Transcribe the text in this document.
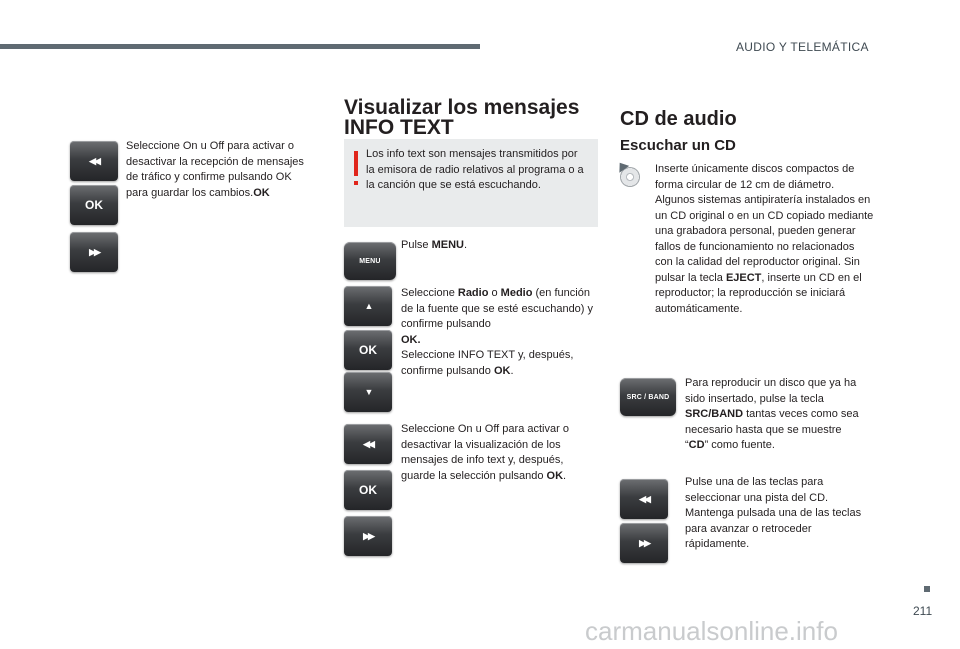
AUDIO Y TELEMÁTICA
◀◀
OK
▶▶
Seleccione On u Off para activar o desactivar la recepción de mensajes de tráfico y confirme pulsando OK para guardar los cambios.OK
Visualizar los mensajes
INFO TEXT
Los info text son mensajes transmitidos por la emisora de radio relativos al programa o a la canción que se está escuchando.
MENU
Pulse MENU.
▲
OK
▼
Seleccione Radio o Medio (en función de la fuente que se esté escuchando) y confirme pulsando
OK.
Seleccione INFO TEXT y, después, confirme pulsando OK.
◀◀
OK
▶▶
Seleccione On u Off para activar o desactivar la visualización de los mensajes de info text y, después, guarde la selección pulsando OK.
CD de audio
Escuchar un CD
Inserte únicamente discos compactos de forma circular de 12 cm de diámetro. Algunos sistemas antipiratería instalados en un CD original o en un CD copiado mediante una grabadora personal, pueden generar fallos de funcionamiento no relacionados con la calidad del reproductor original. Sin pulsar la tecla EJECT, inserte un CD en el reproductor; la reproducción se iniciará automáticamente.
SRC / BAND
Para reproducir un disco que ya ha sido insertado, pulse la tecla SRC/BAND tantas veces como sea necesario hasta que se muestre “CD” como fuente.
◀◀
▶▶
Pulse una de las teclas para seleccionar una pista del CD. Mantenga pulsada una de las teclas para avanzar o retroceder rápidamente.
211
carmanualsonline.info
